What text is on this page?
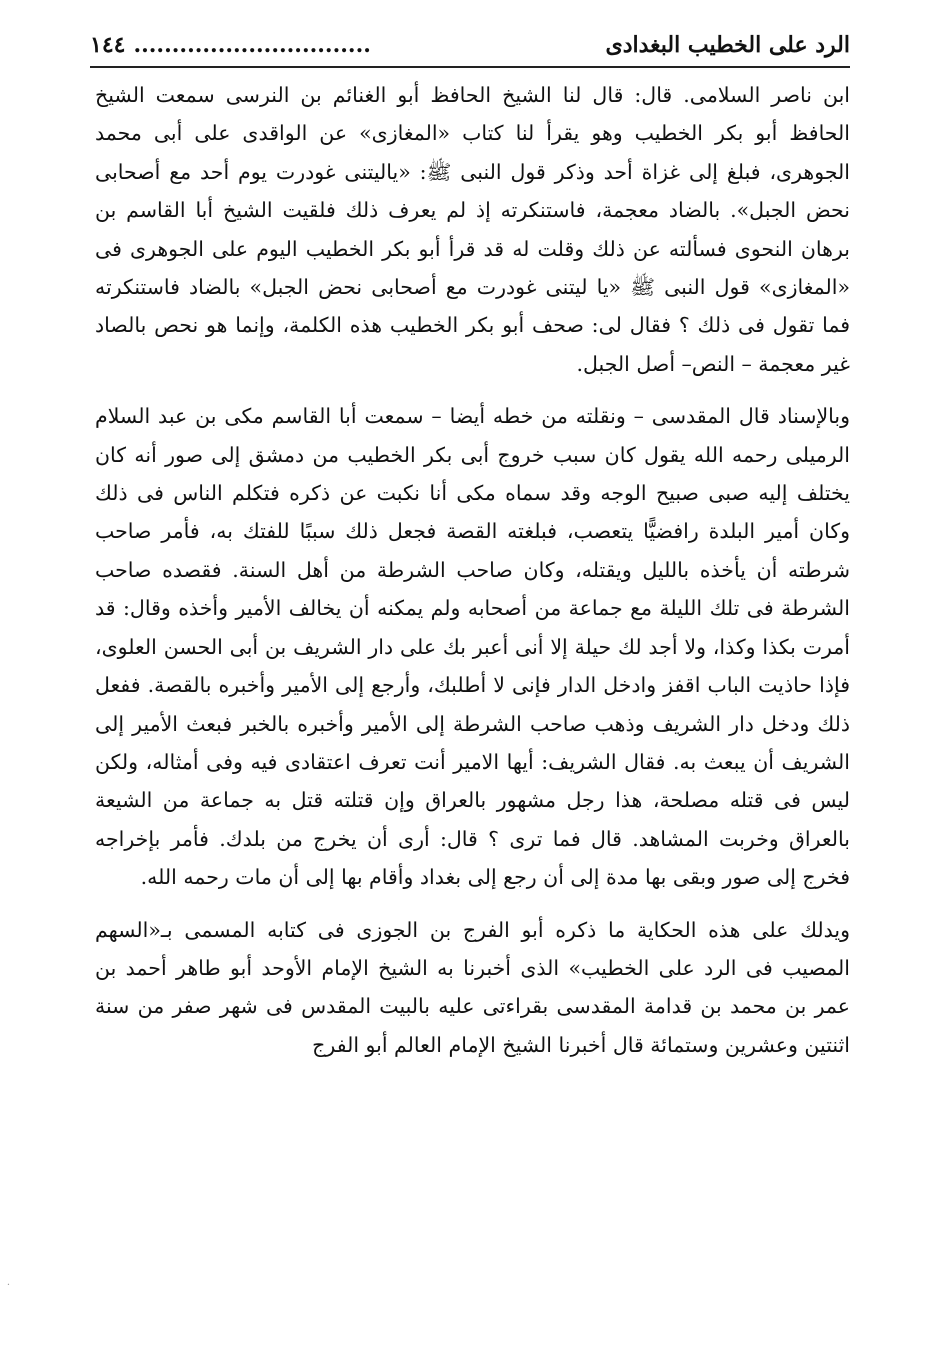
الرد على الخطيب البغدادى
...............................
١٤٤

ابن ناصر السلامى. قال: قال لنا الشيخ الحافظ أبو الغنائم بن النرسى سمعت الشيخ الحافظ أبو بكر الخطيب وهو يقرأ لنا كتاب «المغازى» عن الواقدى على أبى محمد الجوهرى، فبلغ إلى غزاة أحد وذكر قول النبى ﷺ: «ياليتنى غودرت يوم أحد مع أصحابى نحض الجبل». بالضاد معجمة، فاستنكرته إذ لم يعرف ذلك فلقيت الشيخ أبا القاسم بن برهان النحوى فسألته عن ذلك وقلت له قد قرأ أبو بكر الخطيب اليوم على الجوهرى فى «المغازى» قول النبى ﷺ «يا ليتنى غودرت مع أصحابى نحض الجبل» بالضاد فاستنكرته فما تقول فى ذلك ؟ فقال لى: صحف أبو بكر الخطيب هذه الكلمة، وإنما هو نحص بالصاد غير معجمة – النص– أصل الجبل.

وبالإسناد قال المقدسى – ونقلته من خطه أيضا – سمعت أبا القاسم مكى بن عبد السلام الرميلى رحمه الله يقول كان سبب خروج أبى بكر الخطيب من دمشق إلى صور أنه كان يختلف إليه صبى صبيح الوجه وقد سماه مكى أنا نكبت عن ذكره فتكلم الناس فى ذلك وكان أمير البلدة رافضيًّا يتعصب، فبلغته القصة فجعل ذلك سببًا للفتك به، فأمر صاحب شرطته أن يأخذه بالليل ويقتله، وكان صاحب الشرطة من أهل السنة. فقصده صاحب الشرطة فى تلك الليلة مع جماعة من أصحابه ولم يمكنه أن يخالف الأمير وأخذه وقال: قد أمرت بكذا وكذا، ولا أجد لك حيلة إلا أنى أعبر بك على دار الشريف بن أبى الحسن العلوى، فإذا حاذيت الباب اقفز وادخل الدار فإنى لا أطلبك، وأرجع إلى الأمير وأخبره بالقصة. ففعل ذلك ودخل دار الشريف وذهب صاحب الشرطة إلى الأمير وأخبره بالخبر فبعث الأمير إلى الشريف أن يبعث به. فقال الشريف: أيها الامير أنت تعرف اعتقادى فيه وفى أمثاله، ولكن ليس فى قتله مصلحة، هذا رجل مشهور بالعراق وإن قتلته قتل به جماعة من الشيعة بالعراق وخربت المشاهد. قال فما ترى ؟ قال: أرى أن يخرج من بلدك. فأمر بإخراجه فخرج إلى صور وبقى بها مدة إلى أن رجع إلى بغداد وأقام بها إلى أن مات رحمه الله.

ويدلك على هذه الحكاية ما ذكره أبو الفرج بن الجوزى فى كتابه المسمى بـ«السهم المصيب فى الرد على الخطيب» الذى أخبرنا به الشيخ الإمام الأوحد أبو طاهر أحمد بن عمر بن محمد بن قدامة المقدسى بقراءتى عليه بالبيت المقدس فى شهر صفر من سنة اثنتين وعشرين وستمائة قال أخبرنا الشيخ الإمام العالم أبو الفرج

·
